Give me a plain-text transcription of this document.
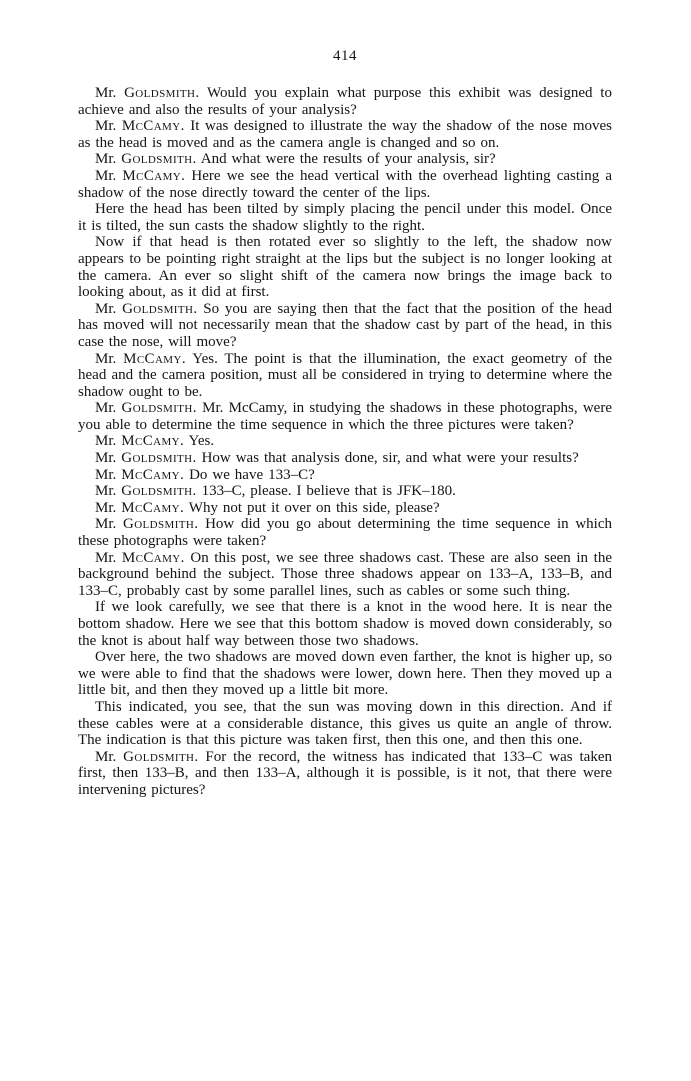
414

Mr. Goldsmith. Would you explain what purpose this exhibit was designed to achieve and also the results of your analysis?

Mr. McCamy. It was designed to illustrate the way the shadow of the nose moves as the head is moved and as the camera angle is changed and so on.

Mr. Goldsmith. And what were the results of your analysis, sir?

Mr. McCamy. Here we see the head vertical with the overhead lighting casting a shadow of the nose directly toward the center of the lips.

Here the head has been tilted by simply placing the pencil under this model. Once it is tilted, the sun casts the shadow slightly to the right.

Now if that head is then rotated ever so slightly to the left, the shadow now appears to be pointing right straight at the lips but the subject is no longer looking at the camera. An ever so slight shift of the camera now brings the image back to looking about, as it did at first.

Mr. Goldsmith. So you are saying then that the fact that the position of the head has moved will not necessarily mean that the shadow cast by part of the head, in this case the nose, will move?

Mr. McCamy. Yes. The point is that the illumination, the exact geometry of the head and the camera position, must all be considered in trying to determine where the shadow ought to be.

Mr. Goldsmith. Mr. McCamy, in studying the shadows in these photographs, were you able to determine the time sequence in which the three pictures were taken?

Mr. McCamy. Yes.

Mr. Goldsmith. How was that analysis done, sir, and what were your results?

Mr. McCamy. Do we have 133–C?

Mr. Goldsmith. 133–C, please. I believe that is JFK–180.

Mr. McCamy. Why not put it over on this side, please?

Mr. Goldsmith. How did you go about determining the time sequence in which these photographs were taken?

Mr. McCamy. On this post, we see three shadows cast. These are also seen in the background behind the subject. Those three shadows appear on 133–A, 133–B, and 133–C, probably cast by some parallel lines, such as cables or some such thing.

If we look carefully, we see that there is a knot in the wood here. It is near the bottom shadow. Here we see that this bottom shadow is moved down considerably, so the knot is about half way between those two shadows.

Over here, the two shadows are moved down even farther, the knot is higher up, so we were able to find that the shadows were lower, down here. Then they moved up a little bit, and then they moved up a little bit more.

This indicated, you see, that the sun was moving down in this direction. And if these cables were at a considerable distance, this gives us quite an angle of throw. The indication is that this picture was taken first, then this one, and then this one.

Mr. Goldsmith. For the record, the witness has indicated that 133–C was taken first, then 133–B, and then 133–A, although it is possible, is it not, that there were intervening pictures?
